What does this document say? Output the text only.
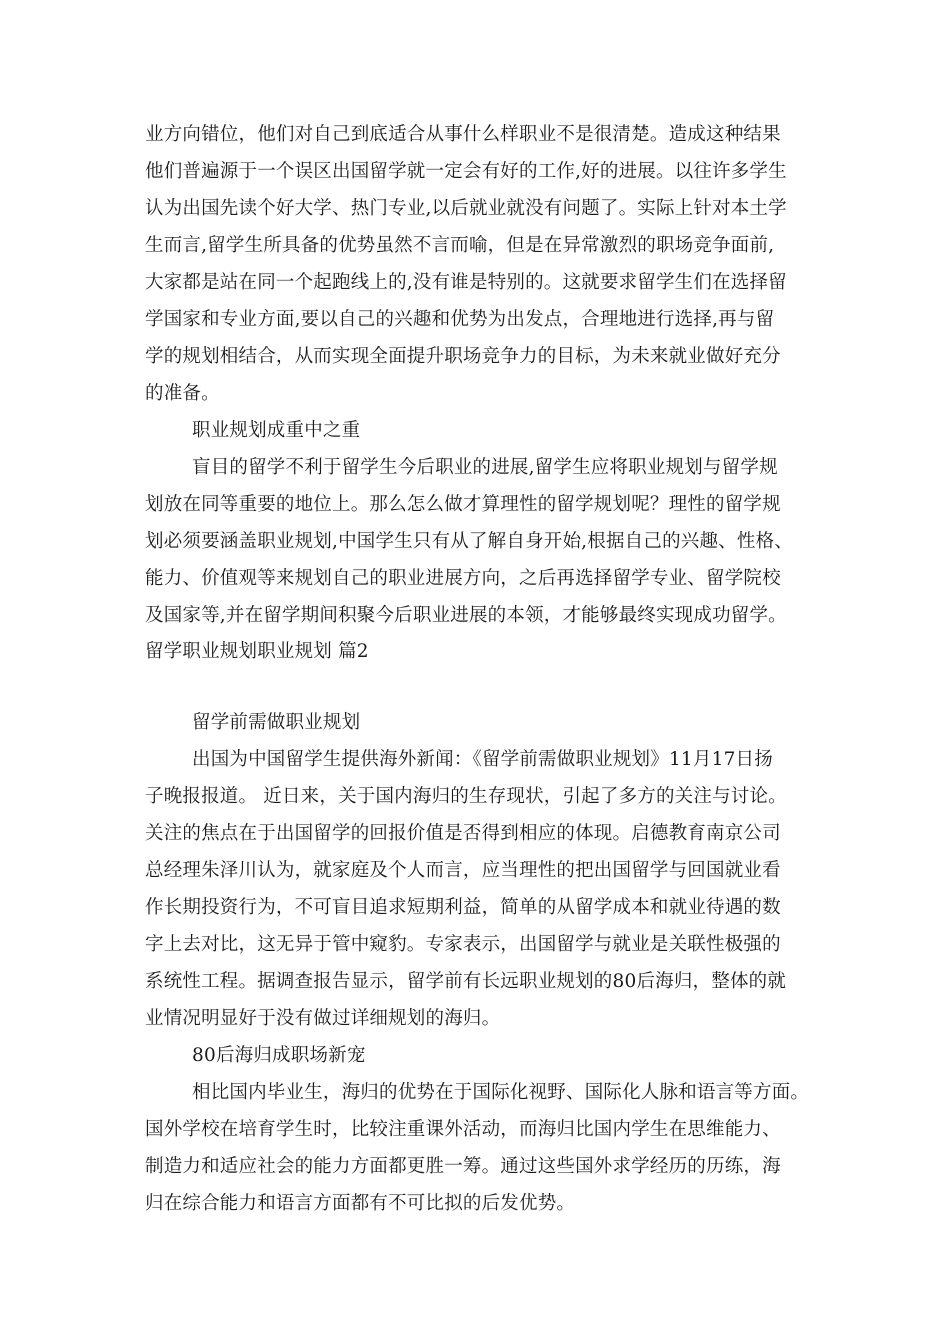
业方向错位，他们对自己到底适合从事什么样职业不是很清楚。造成这种结果
他们普遍源于一个误区出国留学就一定会有好的工作,好的进展。以往许多学生
认为出国先读个好大学、热门专业,以后就业就没有问题了。实际上针对本土学
生而言,留学生所具备的优势虽然不言而喻，但是在异常激烈的职场竞争面前,
大家都是站在同一个起跑线上的,没有谁是特别的。这就要求留学生们在选择留
学国家和专业方面,要以自己的兴趣和优势为出发点，合理地进行选择,再与留
学的规划相结合，从而实现全面提升职场竞争力的目标，为未来就业做好充分
的准备。
职业规划成重中之重
盲目的留学不利于留学生今后职业的进展,留学生应将职业规划与留学规
划放在同等重要的地位上。那么怎么做才算理性的留学规划呢？理性的留学规
划必须要涵盖职业规划,中国学生只有从了解自身开始,根据自己的兴趣、性格、
能力、价值观等来规划自己的职业进展方向，之后再选择留学专业、留学院校
及国家等,并在留学期间积聚今后职业进展的本领，才能够最终实现成功留学。
留学职业规划职业规划 篇2
留学前需做职业规划
出国为中国留学生提供海外新闻：《留学前需做职业规划》11月17日扬
子晚报报道。 近日来，关于国内海归的生存现状，引起了多方的关注与讨论。
关注的焦点在于出国留学的回报价值是否得到相应的体现。启德教育南京公司
总经理朱泽川认为，就家庭及个人而言，应当理性的把出国留学与回国就业看
作长期投资行为，不可盲目追求短期利益，简单的从留学成本和就业待遇的数
字上去对比，这无异于管中窥豹。专家表示，出国留学与就业是关联性极强的
系统性工程。据调查报告显示，留学前有长远职业规划的80后海归，整体的就
业情况明显好于没有做过详细规划的海归。
80后海归成职场新宠
相比国内毕业生，海归的优势在于国际化视野、国际化人脉和语言等方面。
国外学校在培育学生时，比较注重课外活动，而海归比国内学生在思维能力、
制造力和适应社会的能力方面都更胜一筹。通过这些国外求学经历的历练，海
归在综合能力和语言方面都有不可比拟的后发优势。
